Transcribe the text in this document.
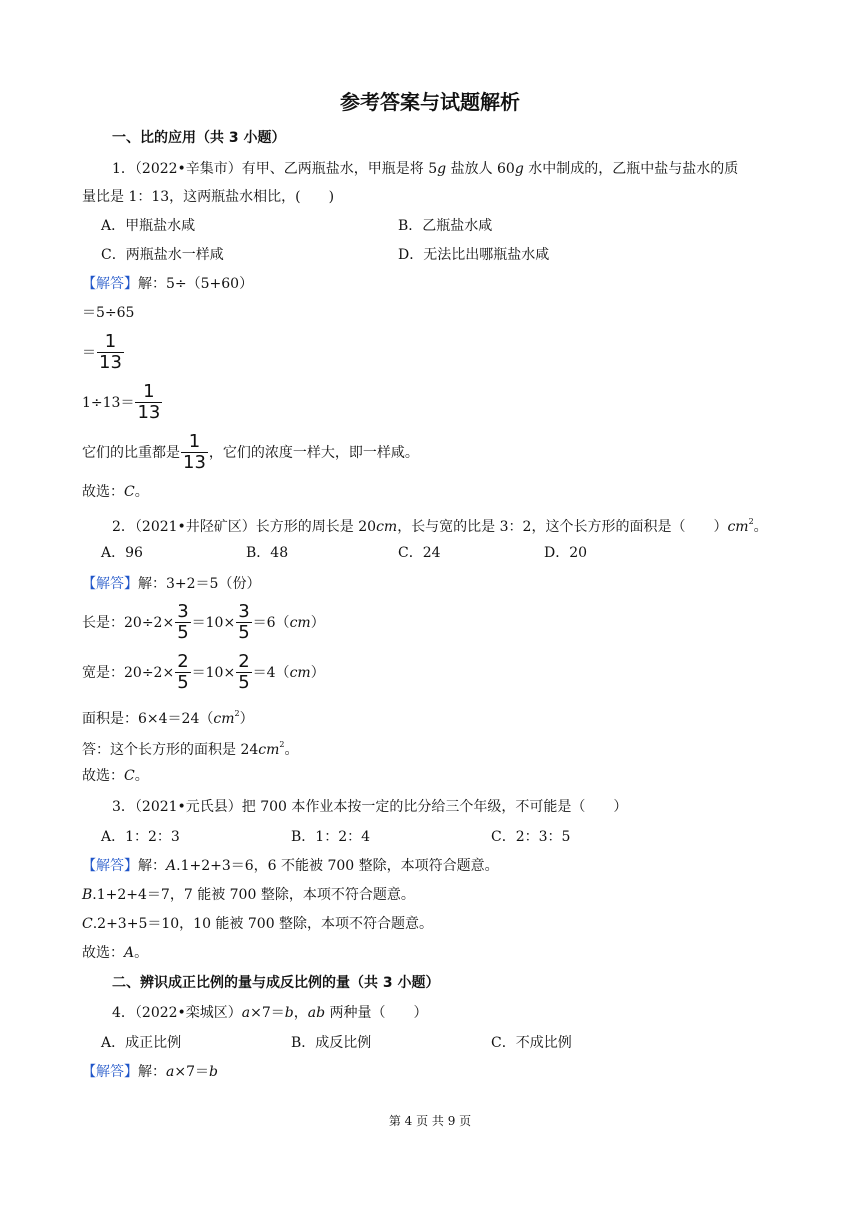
参考答案与试题解析
一、比的应用（共 3 小题）
1．（2022•辛集市）有甲、乙两瓶盐水，甲瓶是将 5g 盐放人 60g 水中制成的，乙瓶中盐与盐水的质
量比是 1：13，这两瓶盐水相比，(　　)
A．甲瓶盐水咸	B．乙瓶盐水咸
C．两瓶盐水一样咸	D．无法比出哪瓶盐水咸
【解答】解：5÷（5+60）
＝5÷65
＝ $\frac{1}{13}$
$1\div 13= \frac{1}{13}$
它们的比重都是 $\frac{1}{13}$ ，它们的浓度一样大，即一样咸。
故选：C。
2．（2021•井陉矿区）长方形的周长是 20cm，长与宽的比是 3：2，这个长方形的面积是（　　）$cm^2$。
A．96	B．48	C．24	D．20
【解答】解：3+2＝5（份）
长是：$20\div 2\times \frac{3}{5} =10\times \frac{3}{5} =6(cm)$
宽是：$20\div 2\times \frac{2}{5} =10\times \frac{2}{5} =4(cm)$
面积是：$6\times 4=24(cm^2)$
答：这个长方形的面积是 $24cm^2$。
故选：C。
3．（2021•元氏县）把 700 本作业本按一定的比分给三个年级，不可能是（　　）
A．1：2：3	B．1：2：4	C．2：3：5
【解答】解：A.1+2+3＝6，6 不能被 700 整除，本项符合题意。
B.1+2+4＝7，7 能被 700 整除，本项不符合题意。
C.2+3+5＝10，10 能被 700 整除，本项不符合题意。
故选：A。
二、辨识成正比例的量与成反比例的量（共 3 小题）
4．（2022•栾城区）a×7＝b，ab 两种量（　　）
A．成正比例	B．成反比例	C．不成比例
【解答】解：a×7＝b
第 4 页 共 9 页
